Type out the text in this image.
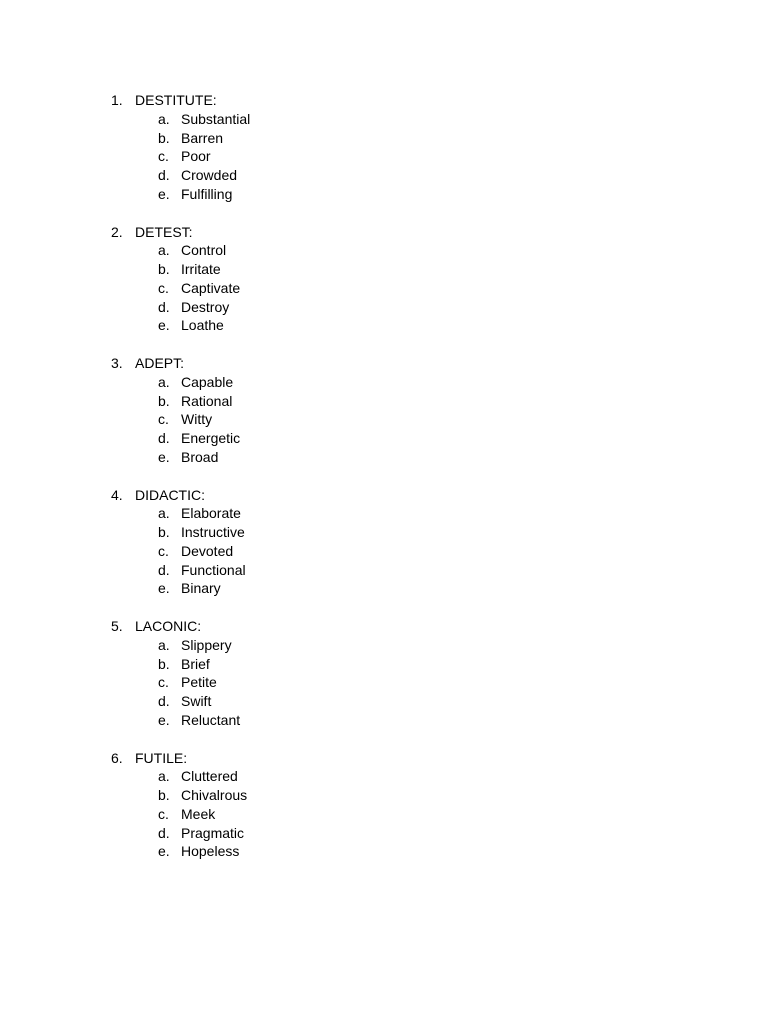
1. DESTITUTE:
a. Substantial
b. Barren
c. Poor
d. Crowded
e. Fulfilling
2. DETEST:
a. Control
b. Irritate
c. Captivate
d. Destroy
e. Loathe
3. ADEPT:
a. Capable
b. Rational
c. Witty
d. Energetic
e. Broad
4. DIDACTIC:
a. Elaborate
b. Instructive
c. Devoted
d. Functional
e. Binary
5. LACONIC:
a. Slippery
b. Brief
c. Petite
d. Swift
e. Reluctant
6. FUTILE:
a. Cluttered
b. Chivalrous
c. Meek
d. Pragmatic
e. Hopeless
